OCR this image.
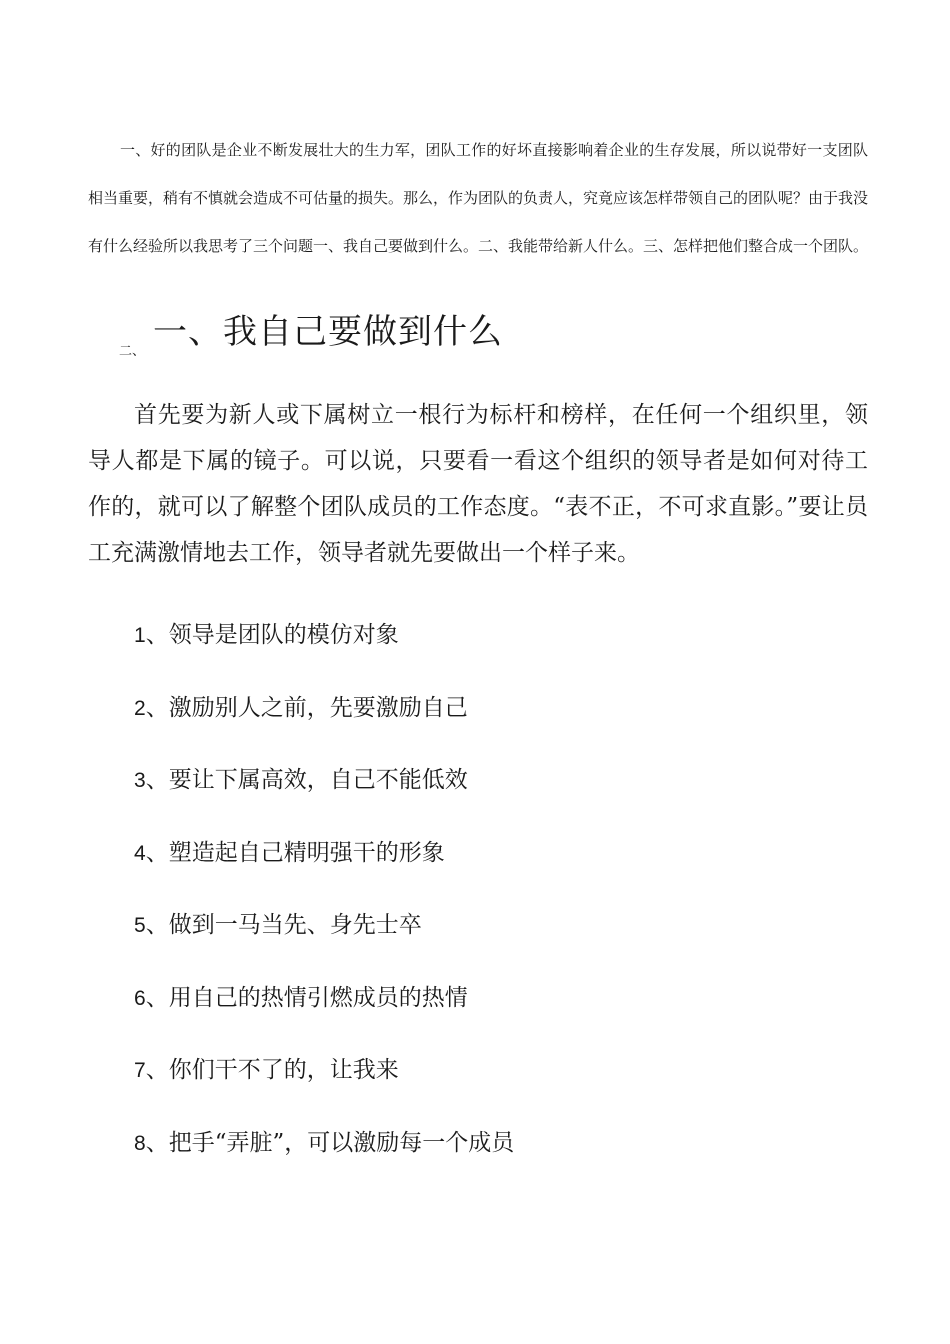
一、好的团队是企业不断发展壮大的生力军，团队工作的好坏直接影响着企业的生存发展，所以说带好一支团队相当重要，稍有不慎就会造成不可估量的损失。那么，作为团队的负责人，究竟应该怎样带领自己的团队呢？由于我没有什么经验所以我思考了三个问题一、我自己要做到什么。二、我能带给新人什么。三、怎样把他们整合成一个团队。

二、 一、我自己要做到什么

首先要为新人或下属树立一根行为标杆和榜样，在任何一个组织里，领导人都是下属的镜子。可以说，只要看一看这个组织的领导者是如何对待工作的，就可以了解整个团队成员的工作态度。“表不正，不可求直影。”要让员工充满激情地去工作，领导者就先要做出一个样子来。

1、领导是团队的模仿对象
2、激励别人之前，先要激励自己
3、要让下属高效，自己不能低效
4、塑造起自己精明强干的形象
5、做到一马当先、身先士卒
6、用自己的热情引燃成员的热情
7、你们干不了的，让我来
8、把手“弄脏”，可以激励每一个成员
